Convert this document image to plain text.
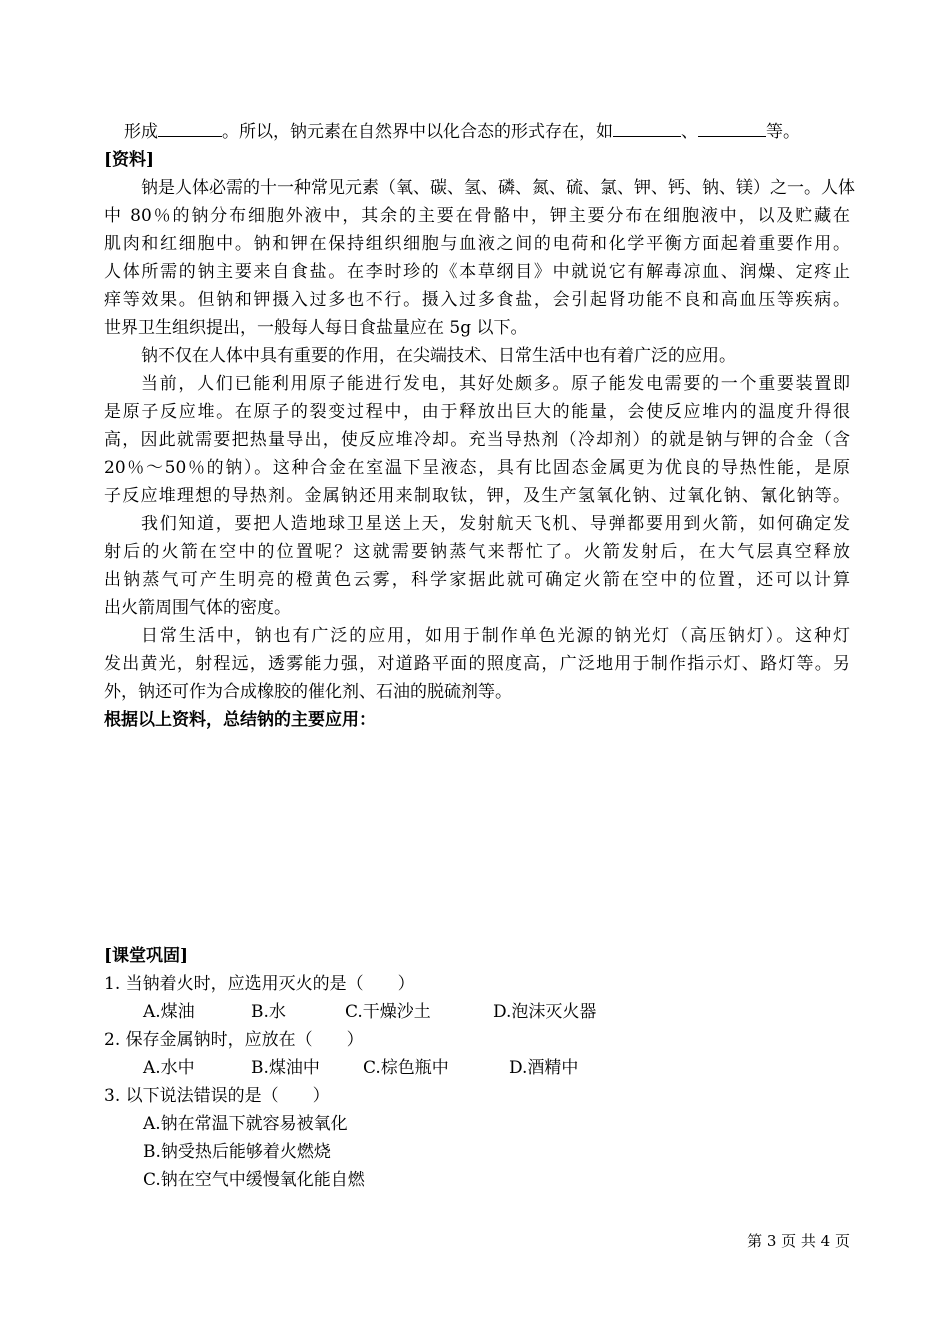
形成	。所以，钠元素在自然界中以化合态的形式存在，如	、	等。
[资料]
钠是人体必需的十一种常见元素（氧、碳、氢、磷、氮、硫、氯、钾、钙、钠、镁）之一。人体
中 80％的钠分布细胞外液中，其余的主要在骨骼中，钾主要分布在细胞液中，以及贮藏在
肌肉和红细胞中。钠和钾在保持组织细胞与血液之间的电荷和化学平衡方面起着重要作用。
人体所需的钠主要来自食盐。在李时珍的《本草纲目》中就说它有解毒凉血、润燥、定疼止
痒等效果。但钠和钾摄入过多也不行。摄入过多食盐，会引起肾功能不良和高血压等疾病。
世界卫生组织提出，一般每人每日食盐量应在 5g 以下。
钠不仅在人体中具有重要的作用，在尖端技术、日常生活中也有着广泛的应用。
当前，人们已能利用原子能进行发电，其好处颇多。原子能发电需要的一个重要装置即
是原子反应堆。在原子的裂变过程中，由于释放出巨大的能量，会使反应堆内的温度升得很
高，因此就需要把热量导出，使反应堆冷却。充当导热剂（冷却剂）的就是钠与钾的合金（含
20％～50％的钠）。这种合金在室温下呈液态，具有比固态金属更为优良的导热性能，是原
子反应堆理想的导热剂。金属钠还用来制取钛，钾，及生产氢氧化钠、过氧化钠、氰化钠等。
我们知道，要把人造地球卫星送上天，发射航天飞机、导弹都要用到火箭，如何确定发
射后的火箭在空中的位置呢？这就需要钠蒸气来帮忙了。火箭发射后，在大气层真空释放
出钠蒸气可产生明亮的橙黄色云雾，科学家据此就可确定火箭在空中的位置，还可以计算
出火箭周围气体的密度。
日常生活中，钠也有广泛的应用，如用于制作单色光源的钠光灯（高压钠灯）。这种灯
发出黄光，射程远，透雾能力强，对道路平面的照度高，广泛地用于制作指示灯、路灯等。另
外，钠还可作为合成橡胶的催化剂、石油的脱硫剂等。
根据以上资料，总结钠的主要应用：
[课堂巩固]
1. 当钠着火时，应选用灭火的是（　　）
A.煤油	B.水	C.干燥沙土	D.泡沫灭火器
2. 保存金属钠时，应放在（　　）
A.水中	B.煤油中	C.棕色瓶中	D.酒精中
3. 以下说法错误的是（　　）
A.钠在常温下就容易被氧化
B.钠受热后能够着火燃烧
C.钠在空气中缓慢氧化能自燃
第 3 页 共 4 页
